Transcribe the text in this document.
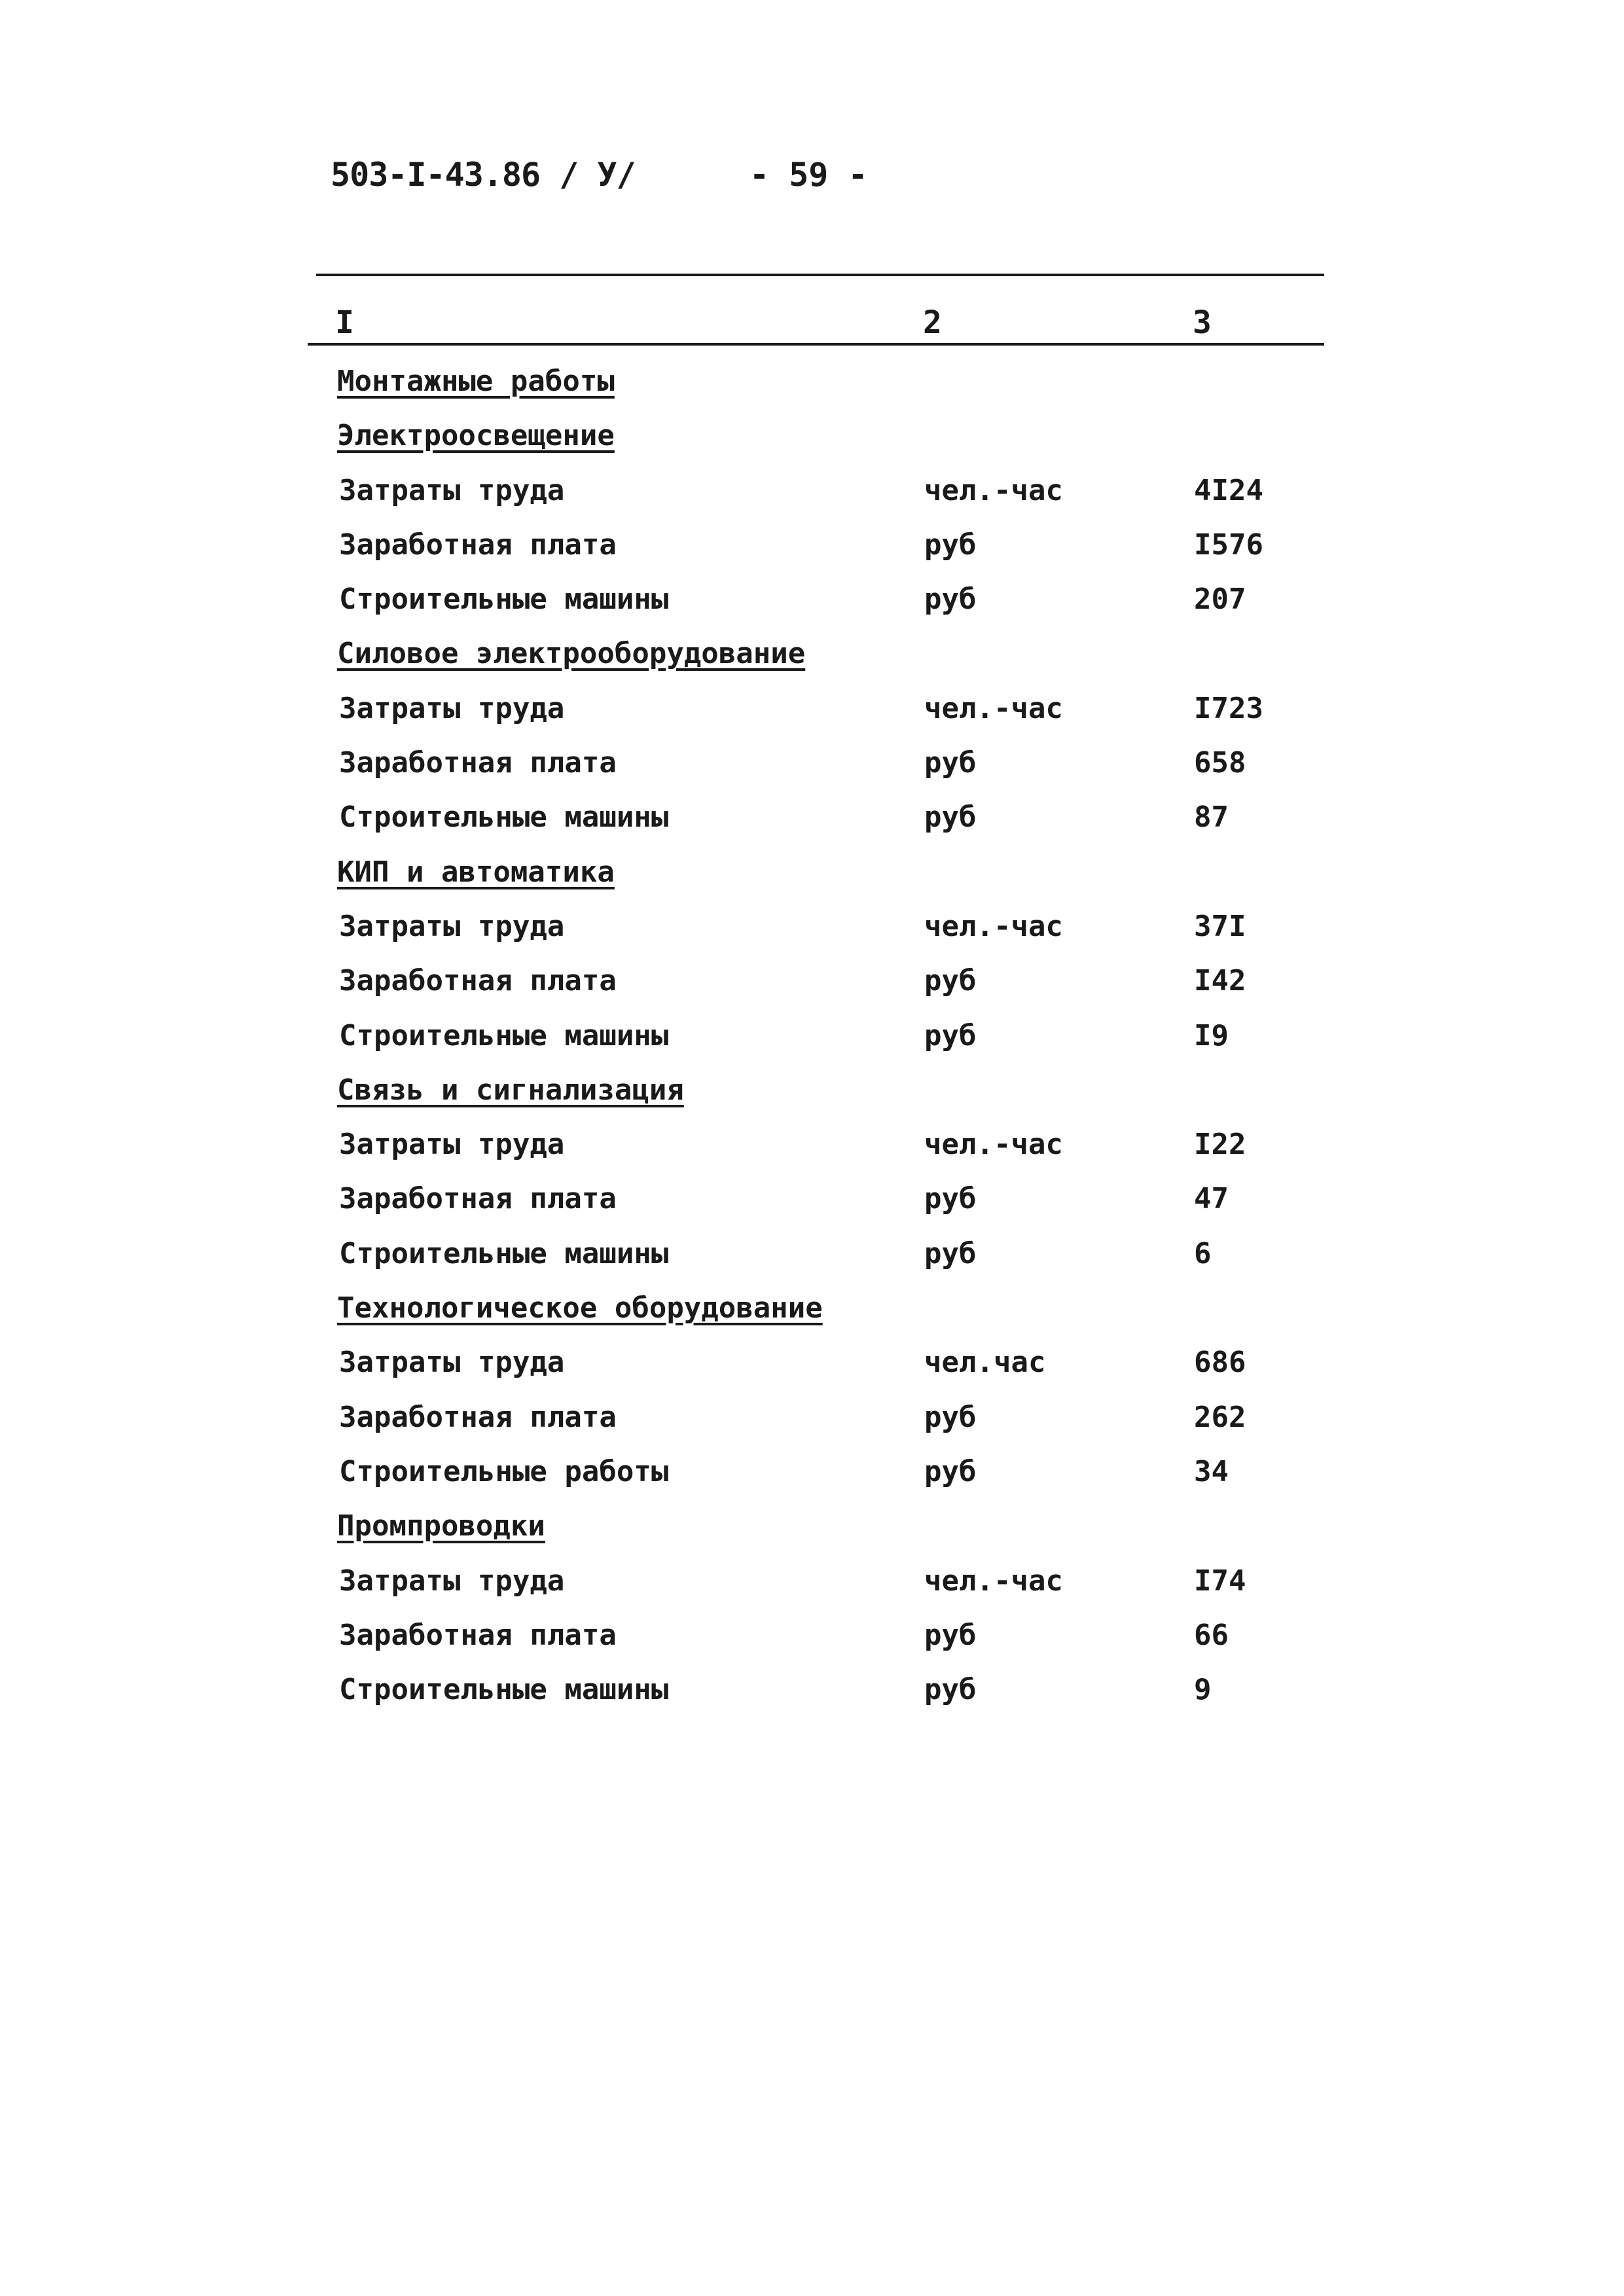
503-I-43.86 / У/	- 59 -
I	2	3
Монтажные работы
Электроосвещение
Затраты труда	чел.-час	4I24
Заработная плата	руб	I576
Строительные машины	руб	207
Силовое электрооборудование
Затраты труда	чел.-час	I723
Заработная плата	руб	658
Строительные машины	руб	87
КИП и автоматика
Затраты труда	чел.-час	37I
Заработная плата	руб	I42
Строительные машины	руб	I9
Связь и сигнализация
Затраты труда	чел.-час	I22
Заработная плата	руб	47
Строительные машины	руб	6
Технологическое оборудование
Затраты труда	чел.час	686
Заработная плата	руб	262
Строительные работы	руб	34
Промпроводки
Затраты труда	чел.-час	I74
Заработная плата	руб	66
Строительные машины	руб	9
